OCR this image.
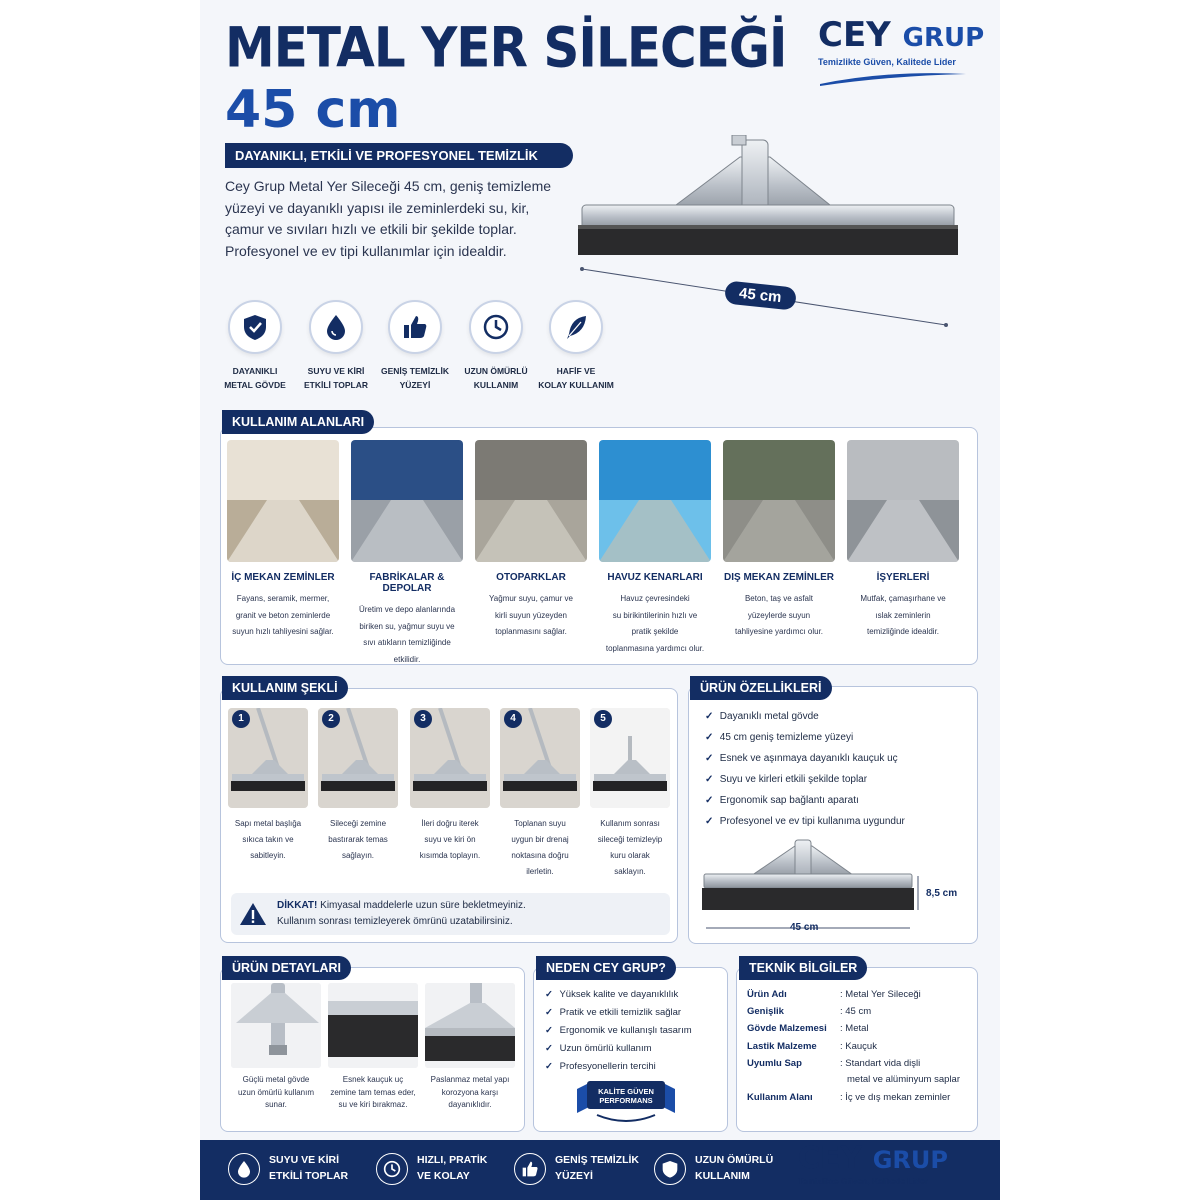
METAL YER SİLECEĞİ
45 cm
CEY GRUP
Temizlikte Güven, Kalitede Lider
DAYANIKLI, ETKİLİ VE PROFESYONEL TEMİZLİK
Cey Grup Metal Yer Sileceği 45 cm, geniş temizleme yüzeyi ve dayanıklı yapısı ile zeminlerdeki su, kir, çamur ve sıvıları hızlı ve etkili bir şekilde toplar. Profesyonel ve ev tipi kullanımlar için idealdir.
45 cm
DAYANIKLI
METAL GÖVDE
SUYU VE KİRİ
ETKİLİ TOPLAR
GENİŞ TEMİZLİK
YÜZEYİ
UZUN ÖMÜRLÜ
KULLANIM
HAFİF VE
KOLAY KULLANIM
KULLANIM ALANLARI
İÇ MEKAN ZEMİNLER
Fayans, seramik, mermer,
granit ve beton zeminlerde
suyun hızlı tahliyesini sağlar.
FABRİKALAR & DEPOLAR
Üretim ve depo alanlarında
biriken su, yağmur suyu ve
sıvı atıkların temizliğinde
etkilidir.
OTOPARKLAR
Yağmur suyu, çamur ve
kirli suyun yüzeyden
toplanmasını sağlar.
HAVUZ KENARLARI
Havuz çevresindeki
su birikintilerinin hızlı ve
pratik şekilde
toplanmasına yardımcı olur.
DIŞ MEKAN ZEMİNLER
Beton, taş ve asfalt
yüzeylerde suyun
tahliyesine yardımcı olur.
İŞYERLERİ
Mutfak, çamaşırhane ve
ıslak zeminlerin
temizliğinde idealdir.
KULLANIM ŞEKLİ
1
Sapı metal başlığa
sıkıca takın ve
sabitleyin.
2
Sileceği zemine
bastırarak temas
sağlayın.
3
İleri doğru iterek
suyu ve kiri ön
kısımda toplayın.
4
Toplanan suyu
uygun bir drenaj
noktasına doğru
ilerletin.
5
Kullanım sonrası
sileceği temizleyip
kuru olarak
saklayın.
DİKKAT! Kimyasal maddelerle uzun süre bekletmeyiniz.
Kullanım sonrası temizleyerek ömrünü uzatabilirsiniz.
ÜRÜN ÖZELLİKLERİ
✓ Dayanıklı metal gövde
✓ 45 cm geniş temizleme yüzeyi
✓ Esnek ve aşınmaya dayanıklı kauçuk uç
✓ Suyu ve kirleri etkili şekilde toplar
✓ Ergonomik sap bağlantı aparatı
✓ Profesyonel ve ev tipi kullanıma uygundur
8,5 cm
45 cm
ÜRÜN DETAYLARI
Güçlü metal gövde
uzun ömürlü kullanım
sunar.
Esnek kauçuk uç
zemine tam temas eder,
su ve kiri bırakmaz.
Paslanmaz metal yapı
korozyona karşı
dayanıklıdır.
NEDEN CEY GRUP?
✓ Yüksek kalite ve dayanıklılık
✓ Pratik ve etkili temizlik sağlar
✓ Ergonomik ve kullanışlı tasarım
✓ Uzun ömürlü kullanım
✓ Profesyonellerin tercihi
KALİTE GÜVEN
PERFORMANS
TEKNİK BİLGİLER
Ürün Adı	: Metal Yer Sileceği
Genişlik	: 45 cm
Gövde Malzemesi : Metal
Lastik Malzeme : Kauçuk
Uyumlu Sap	: Standart vida dişli
metal ve alüminyum saplar
Kullanım Alanı	: İç ve dış mekan zeminler
SUYU VE KİRİ
ETKİLİ TOPLAR
HIZLI, PRATİK
VE KOLAY
GENİŞ TEMİZLİK
YÜZEYİ
UZUN ÖMÜRLÜ
KULLANIM	CEY GRUP
Temizlikte Güven, Kalitede Lider
